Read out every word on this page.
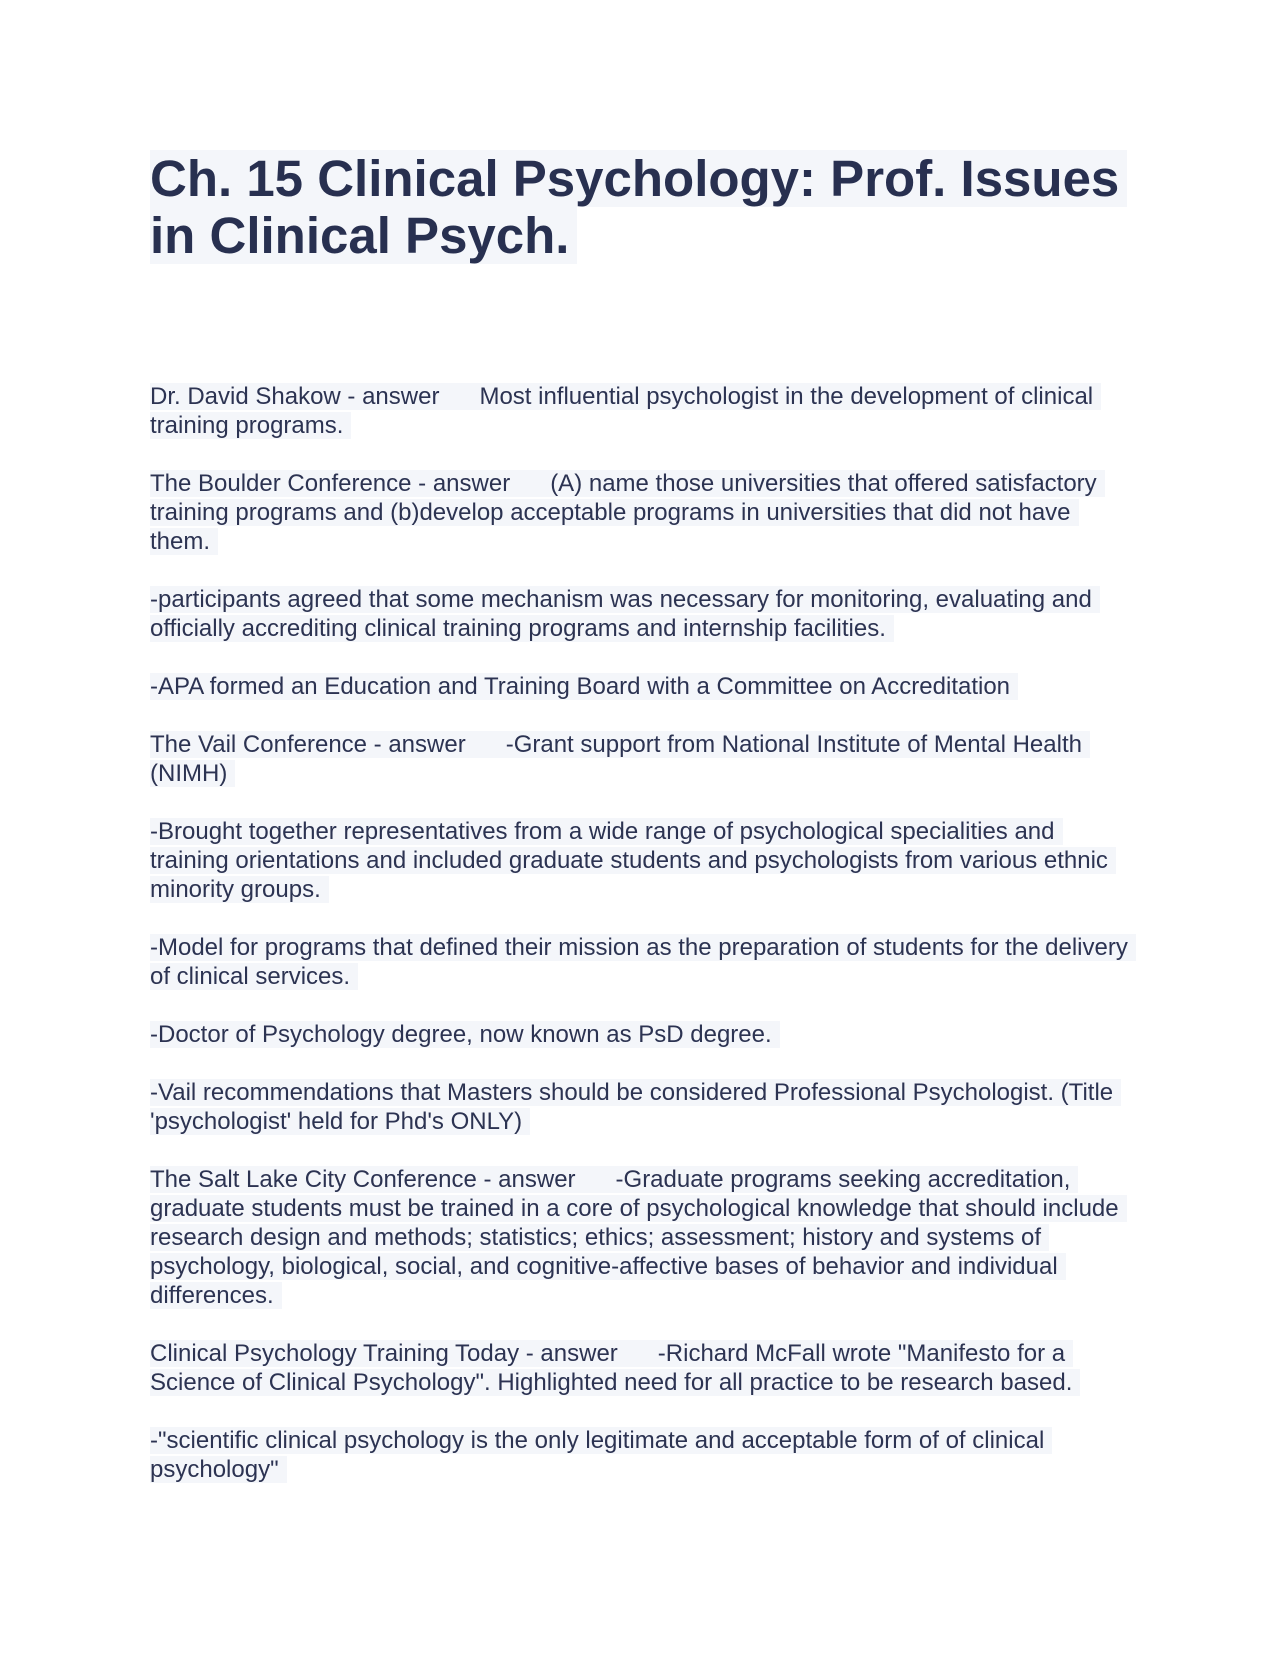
Ch. 15 Clinical Psychology: Prof. Issues in Clinical Psych.

Dr. David Shakow - answer Most influential psychologist in the development of clinical training programs.

The Boulder Conference - answer (A) name those universities that offered satisfactory training programs and (b)develop acceptable programs in universities that did not have them.

-participants agreed that some mechanism was necessary for monitoring, evaluating and officially accrediting clinical training programs and internship facilities.

-APA formed an Education and Training Board with a Committee on Accreditation

The Vail Conference - answer -Grant support from National Institute of Mental Health (NIMH)

-Brought together representatives from a wide range of psychological specialities and training orientations and included graduate students and psychologists from various ethnic minority groups.

-Model for programs that defined their mission as the preparation of students for the delivery of clinical services.

-Doctor of Psychology degree, now known as PsD degree.

-Vail recommendations that Masters should be considered Professional Psychologist. (Title 'psychologist' held for Phd's ONLY)

The Salt Lake City Conference - answer -Graduate programs seeking accreditation, graduate students must be trained in a core of psychological knowledge that should include research design and methods; statistics; ethics; assessment; history and systems of psychology, biological, social, and cognitive-affective bases of behavior and individual differences.

Clinical Psychology Training Today - answer -Richard McFall wrote "Manifesto for a Science of Clinical Psychology". Highlighted need for all practice to be research based.

-"scientific clinical psychology is the only legitimate and acceptable form of of clinical psychology"
